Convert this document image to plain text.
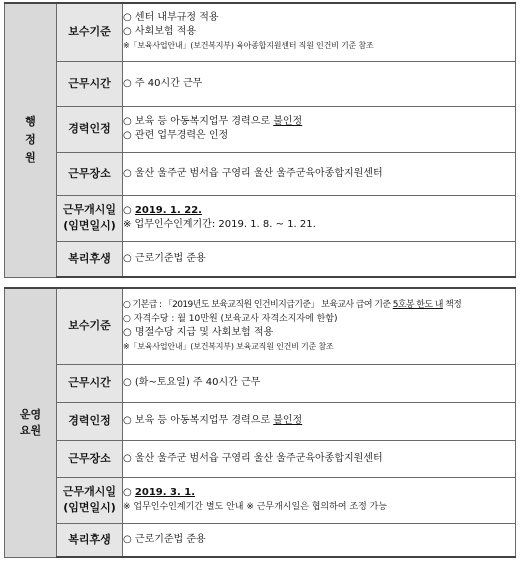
행정원	보수기준	○ 센터 내부규정 적용
○ 사회보험 적용
※「보육사업안내」(보건복지부) 육아종합지원센터 직원 인건비 기준 참조

	근무시간	○ 주 40시간 근무

	경력인정	○ 보육 등 아동복지업무 경력으로 불인정
○ 관련 업무경력은 인정

	근무장소	○ 울산 울주군 범서읍 구영리 울산 울주군육아종합지원센터

	근무개시일
(임면일시)	○ 2019. 1. 22.
※ 업무인수인계기간: 2019. 1. 8. ~ 1. 21.

	복리후생	○ 근로기준법 준용
운영
요원	보수기준	○ 기본급 : 「2019년도 보육교직원 인건비지급기준」 보육교사 급여 기준 5호봉 한도 내 책정
○ 자격수당 : 월 10만원 (보육교사 자격소지자에 한함)
○ 명절수당 지급 및 사회보험 적용
※「보육사업안내」(보건복지부) 보육교직원 인건비 기준 참조

	근무시간	○ (화~토요일) 주 40시간 근무

	경력인정	○ 보육 등 아동복지업무 경력으로 불인정

	근무장소	○ 울산 울주군 범서읍 구영리 울산 울주군육아종합지원센터

	근무개시일
(임면일시)	○ 2019. 3. 1.
※ 업무인수인계기간 별도 안내 ※ 근무개시일은 협의하여 조정 가능

	복리후생	○ 근로기준법 준용
